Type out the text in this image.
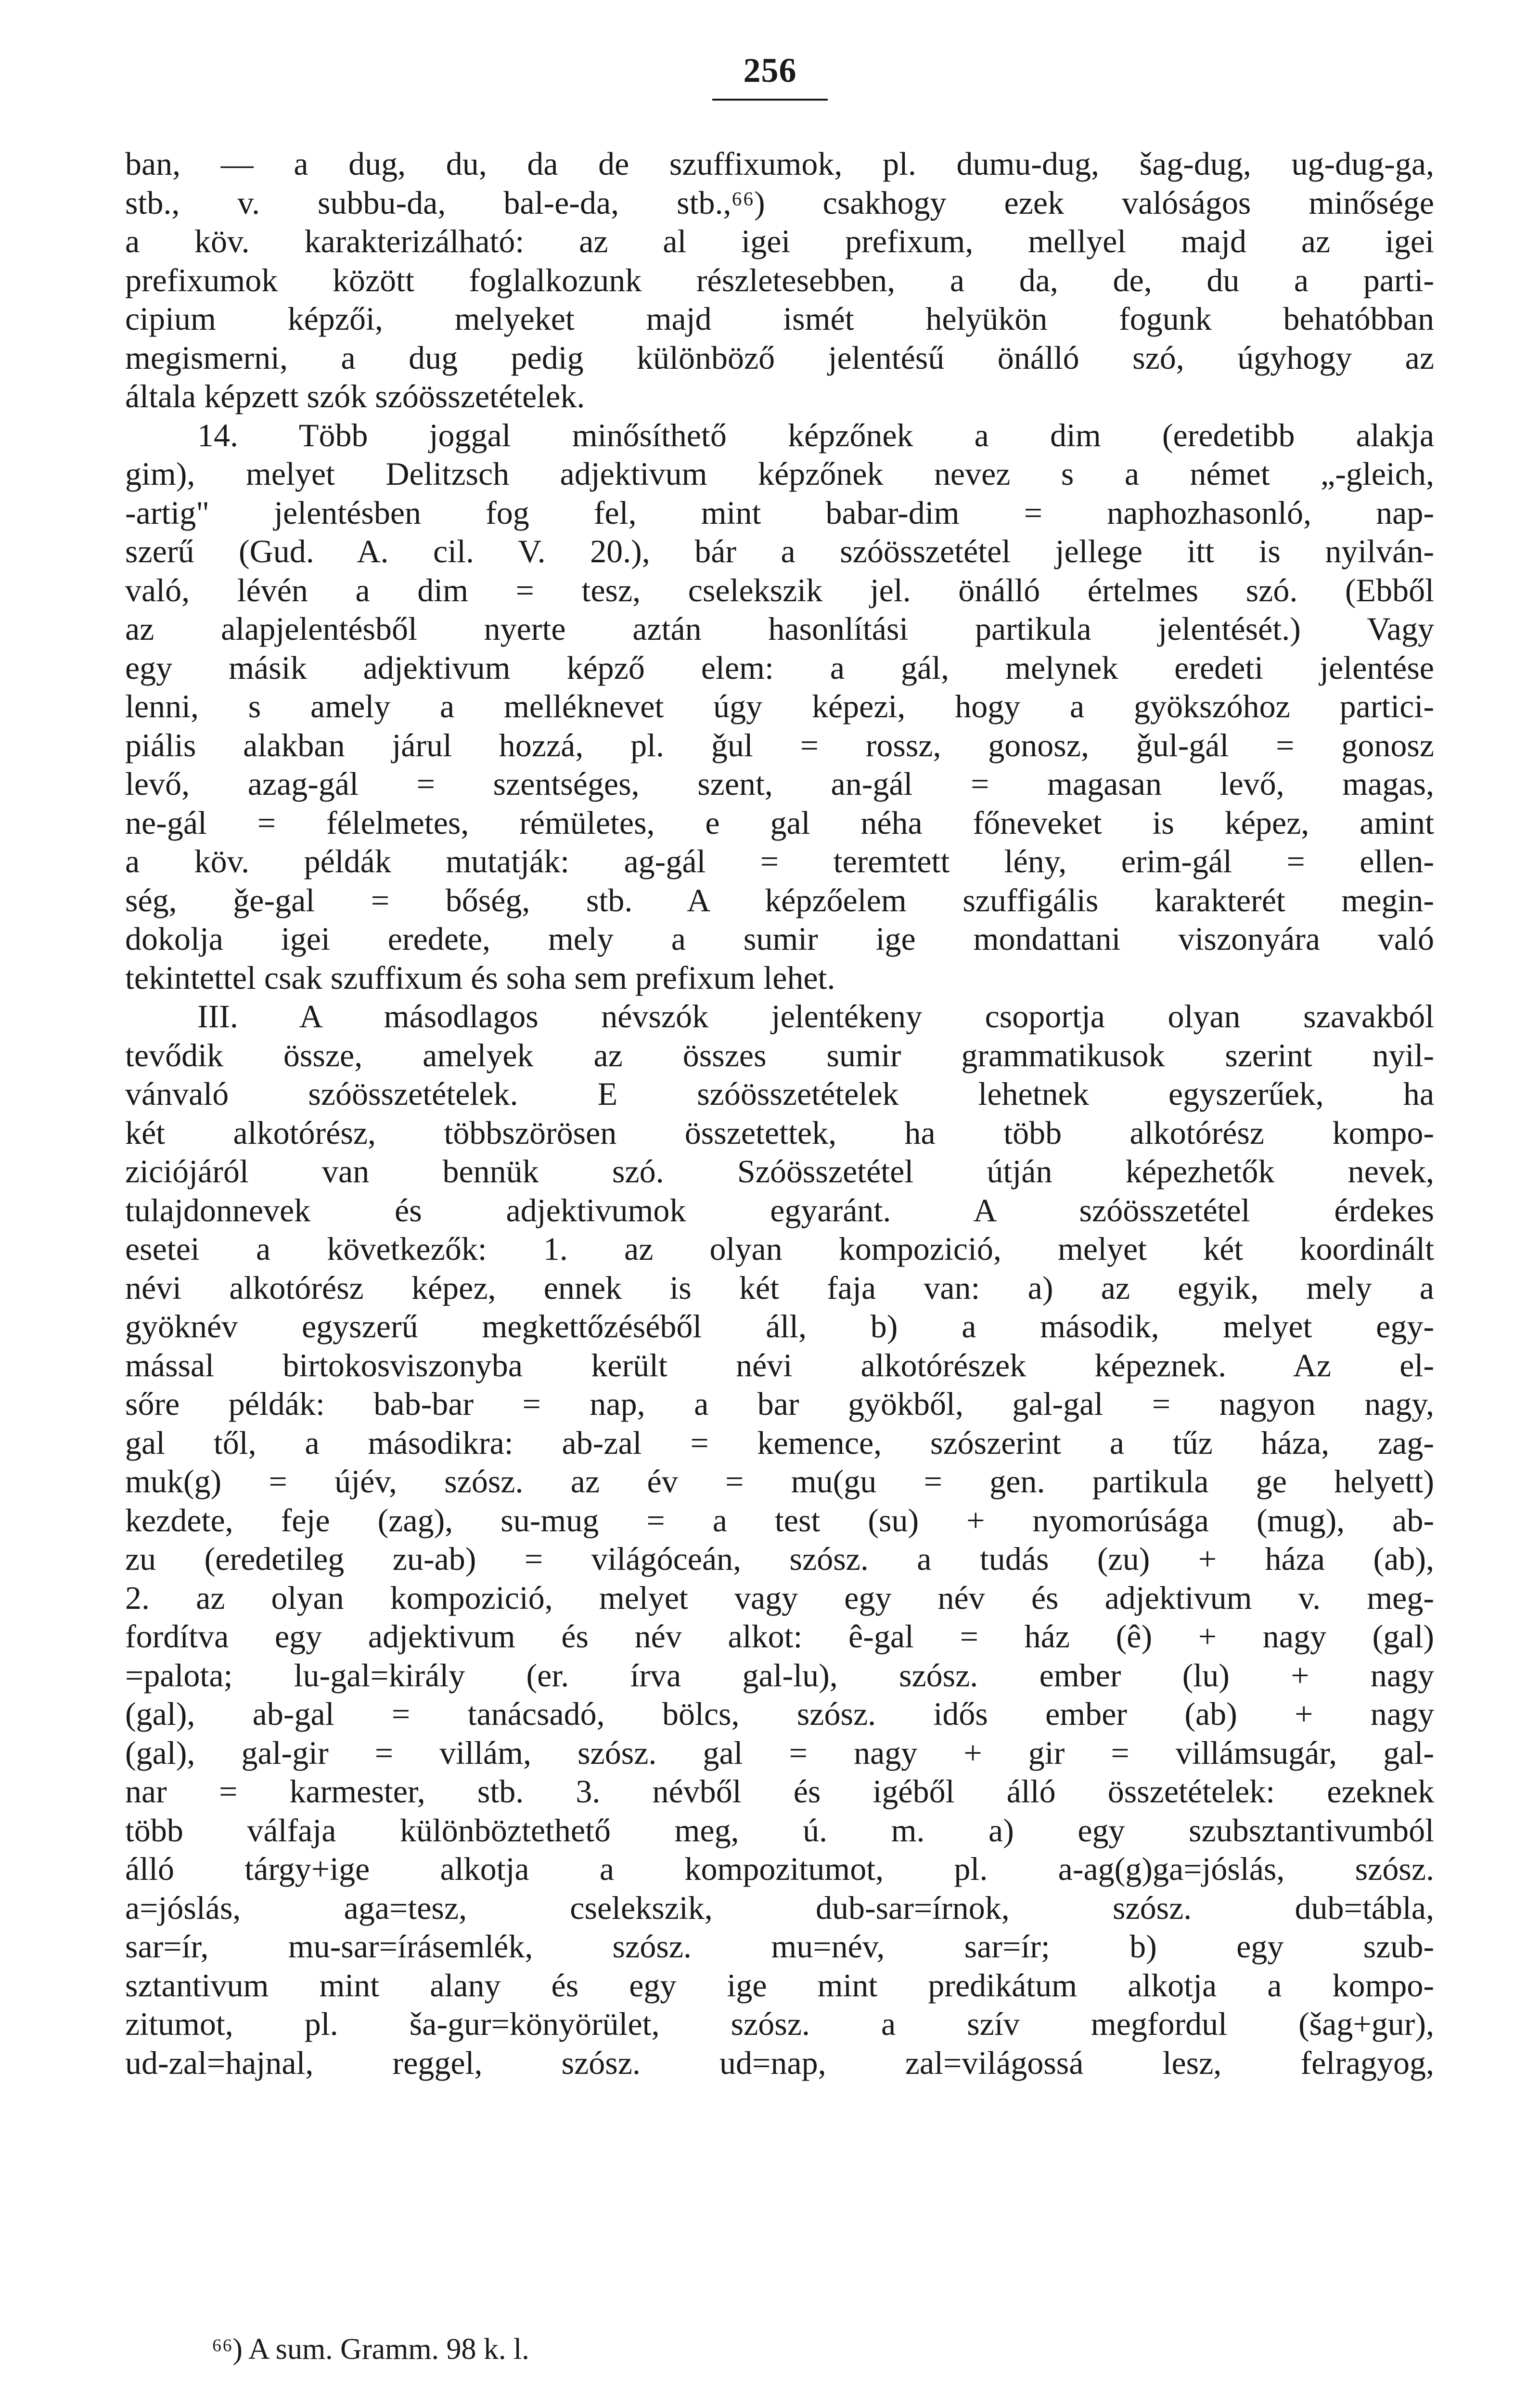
256
ban, — a dug, du, da de szuffixumok, pl. dumu-dug, šag-dug, ug-dug-ga,
stb., v. subbu-da, bal-e-da, stb.,⁶⁶) csakhogy ezek valóságos minősége
a köv. karakterizálható: az al igei prefixum, mellyel majd az igei
prefixumok között foglalkozunk részletesebben, a da, de, du a parti-
cipium képzői, melyeket majd ismét helyükön fogunk behatóbban
megismerni, a dug pedig különböző jelentésű önálló szó, úgyhogy az
általa képzett szók szóösszetételek.
14. Több joggal minősíthető képzőnek a dim (eredetibb alakja
gim), melyet Delitzsch adjektivum képzőnek nevez s a német „-gleich,
-artig" jelentésben fog fel, mint babar-dim = naphozhasonló, nap-
szerű (Gud. A. cil. V. 20.), bár a szóösszetétel jellege itt is nyilván-
való, lévén a dim = tesz, cselekszik jel. önálló értelmes szó. (Ebből
az alapjelentésből nyerte aztán hasonlítási partikula jelentését.) Vagy
egy másik adjektivum képző elem: a gál, melynek eredeti jelentése
lenni, s amely a melléknevet úgy képezi, hogy a gyökszóhoz partici-
piális alakban járul hozzá, pl. ǧul = rossz, gonosz, ǧul-gál = gonosz
levő, azag-gál = szentséges, szent, an-gál = magasan levő, magas,
ne-gál = félelmetes, rémületes, e gal néha főneveket is képez, amint
a köv. példák mutatják: ag-gál = teremtett lény, erim-gál = ellen-
ség, ǧe-gal = bőség, stb. A képzőelem szuffigális karakterét megin-
dokolja igei eredete, mely a sumir ige mondattani viszonyára való
tekintettel csak szuffixum és soha sem prefixum lehet.
III. A másodlagos névszók jelentékeny csoportja olyan szavakból
tevődik össze, amelyek az összes sumir grammatikusok szerint nyil-
vánvaló szóösszetételek. E szóösszetételek lehetnek egyszerűek, ha
két alkotórész, többszörösen összetettek, ha több alkotórész kompo-
ziciójáról van bennük szó. Szóösszetétel útján képezhetők nevek,
tulajdonnevek és adjektivumok egyaránt. A szóösszetétel érdekes
esetei a következők: 1. az olyan kompozició, melyet két koordinált
névi alkotórész képez, ennek is két faja van: a) az egyik, mely a
gyöknév egyszerű megkettőzéséből áll, b) a második, melyet egy-
mással birtokosviszonyba került névi alkotórészek képeznek. Az el-
sőre példák: bab-bar = nap, a bar gyökből, gal-gal = nagyon nagy,
gal től, a másodikra: ab-zal = kemence, szószerint a tűz háza, zag-
muk(g) = újév, szósz. az év = mu(gu = gen. partikula ge helyett)
kezdete, feje (zag), su-mug = a test (su) + nyomorúsága (mug), ab-
zu (eredetileg zu-ab) = világóceán, szósz. a tudás (zu) + háza (ab),
2. az olyan kompozició, melyet vagy egy név és adjektivum v. meg-
fordítva egy adjektivum és név alkot: ê-gal = ház (ê) + nagy (gal)
=palota; lu-gal=király (er. írva gal-lu), szósz. ember (lu) + nagy
(gal), ab-gal = tanácsadó, bölcs, szósz. idős ember (ab) + nagy
(gal), gal-gir = villám, szósz. gal = nagy + gir = villámsugár, gal-
nar = karmester, stb. 3. névből és igéből álló összetételek: ezeknek
több válfaja különböztethető meg, ú. m. a) egy szubsztantivumból
álló tárgy+ige alkotja a kompozitumot, pl. a-ag(g)ga=jóslás, szósz.
a=jóslás, aga=tesz, cselekszik, dub-sar=írnok, szósz. dub=tábla,
sar=ír, mu-sar=írásemlék, szósz. mu=név, sar=ír; b) egy szub-
sztantivum mint alany és egy ige mint predikátum alkotja a kompo-
zitumot, pl. ša-gur=könyörület, szósz. a szív megfordul (šag+gur),
ud-zal=hajnal, reggel, szósz. ud=nap, zal=világossá lesz, felragyog,
⁶⁶) A sum. Gramm. 98 k. l.
